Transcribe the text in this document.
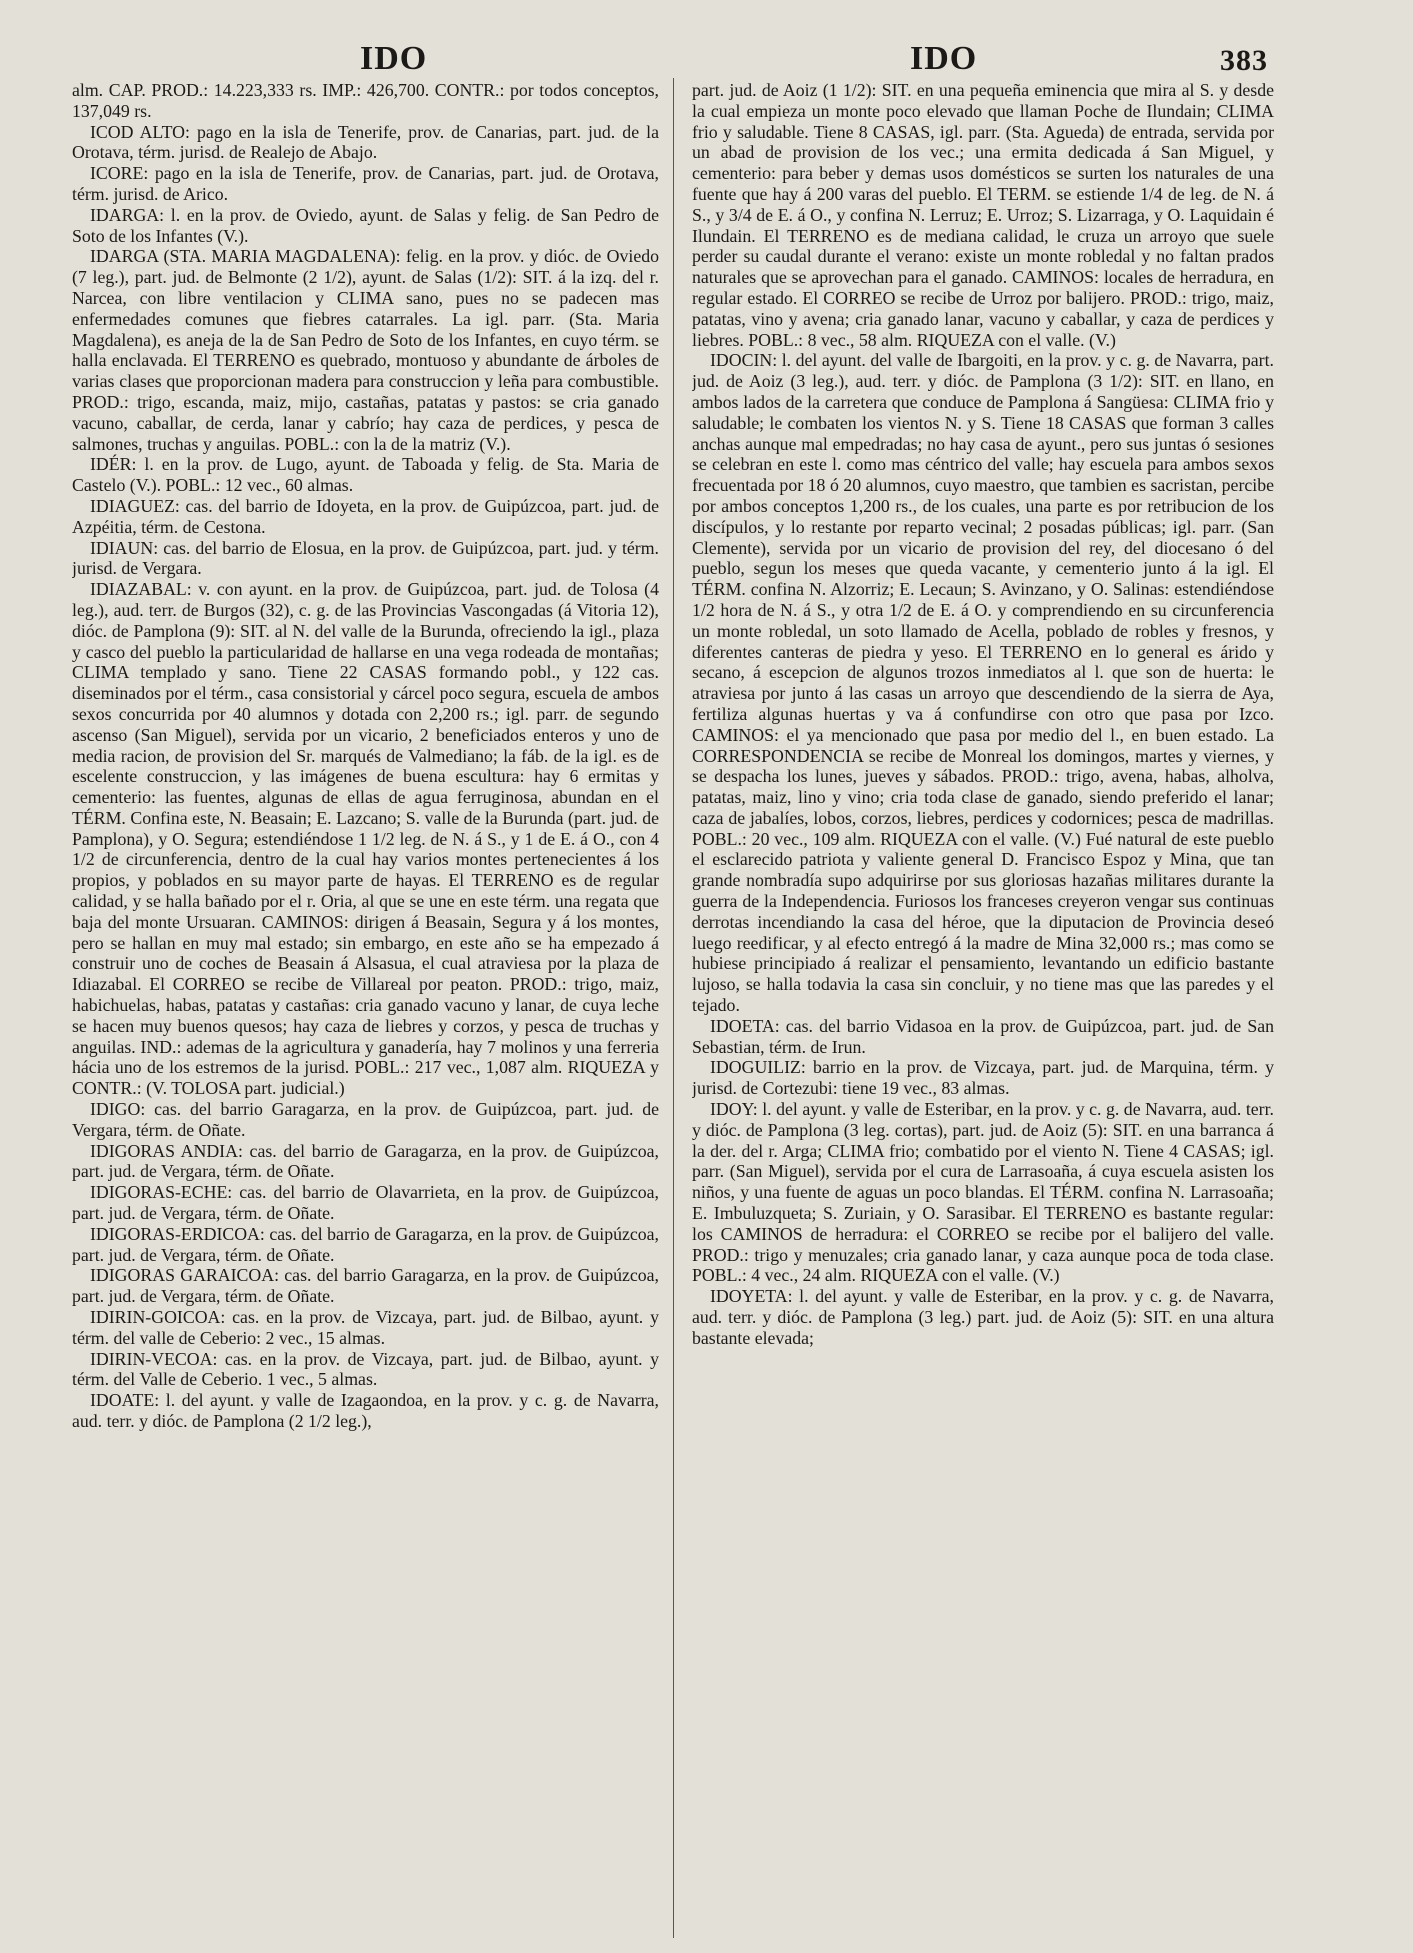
IDO	IDO	383

alm. CAP. PROD.: 14.223,333 rs. IMP.: 426,700. CONTR.: por todos conceptos, 137,049 rs.

ICOD ALTO: pago en la isla de Tenerife, prov. de Canarias, part. jud. de la Orotava, térm. jurisd. de Realejo de Abajo.

ICORE: pago en la isla de Tenerife, prov. de Canarias, part. jud. de Orotava, térm. jurisd. de Arico.

IDARGA: l. en la prov. de Oviedo, ayunt. de Salas y felig. de San Pedro de Soto de los Infantes (V.).

IDARGA (STA. MARIA MAGDALENA): felig. en la prov. y dióc. de Oviedo (7 leg.), part. jud. de Belmonte (2 1/2), ayunt. de Salas (1/2): SIT. á la izq. del r. Narcea, con libre ventilacion y CLIMA sano, pues no se padecen mas enfermedades comunes que fiebres catarrales. La igl. parr. (Sta. Maria Magdalena), es aneja de la de San Pedro de Soto de los Infantes, en cuyo térm. se halla enclavada. El TERRENO es quebrado, montuoso y abundante de árboles de varias clases que proporcionan madera para construccion y leña para combustible. PROD.: trigo, escanda, maiz, mijo, castañas, patatas y pastos: se cria ganado vacuno, caballar, de cerda, lanar y cabrío; hay caza de perdices, y pesca de salmones, truchas y anguilas. POBL.: con la de la matriz (V.).

IDÉR: l. en la prov. de Lugo, ayunt. de Taboada y felig. de Sta. Maria de Castelo (V.). POBL.: 12 vec., 60 almas.

IDIAGUEZ: cas. del barrio de Idoyeta, en la prov. de Guipúzcoa, part. jud. de Azpéitia, térm. de Cestona.

IDIAUN: cas. del barrio de Elosua, en la prov. de Guipúzcoa, part. jud. y térm. jurisd. de Vergara.

IDIAZABAL: v. con ayunt. en la prov. de Guipúzcoa, part. jud. de Tolosa (4 leg.), aud. terr. de Burgos (32), c. g. de las Provincias Vascongadas (á Vitoria 12), dióc. de Pamplona (9): SIT. al N. del valle de la Burunda, ofreciendo la igl., plaza y casco del pueblo la particularidad de hallarse en una vega rodeada de montañas; CLIMA templado y sano. Tiene 22 CASAS formando pobl., y 122 cas. diseminados por el térm., casa consistorial y cárcel poco segura, escuela de ambos sexos concurrida por 40 alumnos y dotada con 2,200 rs.; igl. parr. de segundo ascenso (San Miguel), servida por un vicario, 2 beneficiados enteros y uno de media racion, de provision del Sr. marqués de Valmediano; la fáb. de la igl. es de escelente construccion, y las imágenes de buena escultura: hay 6 ermitas y cementerio: las fuentes, algunas de ellas de agua ferruginosa, abundan en el TÉRM. Confina este, N. Beasain; E. Lazcano; S. valle de la Burunda (part. jud. de Pamplona), y O. Segura; estendiéndose 1 1/2 leg. de N. á S., y 1 de E. á O., con 4 1/2 de circunferencia, dentro de la cual hay varios montes pertenecientes á los propios, y poblados en su mayor parte de hayas. El TERRENO es de regular calidad, y se halla bañado por el r. Oria, al que se une en este térm. una regata que baja del monte Ursuaran. CAMINOS: dirigen á Beasain, Segura y á los montes, pero se hallan en muy mal estado; sin embargo, en este año se ha empezado á construir uno de coches de Beasain á Alsasua, el cual atraviesa por la plaza de Idiazabal. El CORREO se recibe de Villareal por peaton. PROD.: trigo, maiz, habichuelas, habas, patatas y castañas: cria ganado vacuno y lanar, de cuya leche se hacen muy buenos quesos; hay caza de liebres y corzos, y pesca de truchas y anguilas. IND.: ademas de la agricultura y ganadería, hay 7 molinos y una ferreria hácia uno de los estremos de la jurisd. POBL.: 217 vec., 1,087 alm. RIQUEZA y CONTR.: (V. TOLOSA part. judicial.)

IDIGO: cas. del barrio Garagarza, en la prov. de Guipúzcoa, part. jud. de Vergara, térm. de Oñate.

IDIGORAS ANDIA: cas. del barrio de Garagarza, en la prov. de Guipúzcoa, part. jud. de Vergara, térm. de Oñate.

IDIGORAS-ECHE: cas. del barrio de Olavarrieta, en la prov. de Guipúzcoa, part. jud. de Vergara, térm. de Oñate.

IDIGORAS-ERDICOA: cas. del barrio de Garagarza, en la prov. de Guipúzcoa, part. jud. de Vergara, térm. de Oñate.

IDIGORAS GARAICOA: cas. del barrio Garagarza, en la prov. de Guipúzcoa, part. jud. de Vergara, térm. de Oñate.

IDIRIN-GOICOA: cas. en la prov. de Vizcaya, part. jud. de Bilbao, ayunt. y térm. del valle de Ceberio: 2 vec., 15 almas.

IDIRIN-VECOA: cas. en la prov. de Vizcaya, part. jud. de Bilbao, ayunt. y térm. del Valle de Ceberio. 1 vec., 5 almas.

IDOATE: l. del ayunt. y valle de Izagaondoa, en la prov. y c. g. de Navarra, aud. terr. y dióc. de Pamplona (2 1/2 leg.),

part. jud. de Aoiz (1 1/2): SIT. en una pequeña eminencia que mira al S. y desde la cual empieza un monte poco elevado que llaman Poche de Ilundain; CLIMA frio y saludable. Tiene 8 CASAS, igl. parr. (Sta. Agueda) de entrada, servida por un abad de provision de los vec.; una ermita dedicada á San Miguel, y cementerio: para beber y demas usos domésticos se surten los naturales de una fuente que hay á 200 varas del pueblo. El TERM. se estiende 1/4 de leg. de N. á S., y 3/4 de E. á O., y confina N. Lerruz; E. Urroz; S. Lizarraga, y O. Laquidain é Ilundain. El TERRENO es de mediana calidad, le cruza un arroyo que suele perder su caudal durante el verano: existe un monte robledal y no faltan prados naturales que se aprovechan para el ganado. CAMINOS: locales de herradura, en regular estado. El CORREO se recibe de Urroz por balijero. PROD.: trigo, maiz, patatas, vino y avena; cria ganado lanar, vacuno y caballar, y caza de perdices y liebres. POBL.: 8 vec., 58 alm. RIQUEZA con el valle. (V.)

IDOCIN: l. del ayunt. del valle de Ibargoiti, en la prov. y c. g. de Navarra, part. jud. de Aoiz (3 leg.), aud. terr. y dióc. de Pamplona (3 1/2): SIT. en llano, en ambos lados de la carretera que conduce de Pamplona á Sangüesa: CLIMA frio y saludable; le combaten los vientos N. y S. Tiene 18 CASAS que forman 3 calles anchas aunque mal empedradas; no hay casa de ayunt., pero sus juntas ó sesiones se celebran en este l. como mas céntrico del valle; hay escuela para ambos sexos frecuentada por 18 ó 20 alumnos, cuyo maestro, que tambien es sacristan, percibe por ambos conceptos 1,200 rs., de los cuales, una parte es por retribucion de los discípulos, y lo restante por reparto vecinal; 2 posadas públicas; igl. parr. (San Clemente), servida por un vicario de provision del rey, del diocesano ó del pueblo, segun los meses que queda vacante, y cementerio junto á la igl. El TÉRM. confina N. Alzorriz; E. Lecaun; S. Avinzano, y O. Salinas: estendiéndose 1/2 hora de N. á S., y otra 1/2 de E. á O. y comprendiendo en su circunferencia un monte robledal, un soto llamado de Acella, poblado de robles y fresnos, y diferentes canteras de piedra y yeso. El TERRENO en lo general es árido y secano, á escepcion de algunos trozos inmediatos al l. que son de huerta: le atraviesa por junto á las casas un arroyo que descendiendo de la sierra de Aya, fertiliza algunas huertas y va á confundirse con otro que pasa por Izco. CAMINOS: el ya mencionado que pasa por medio del l., en buen estado. La CORRESPONDENCIA se recibe de Monreal los domingos, martes y viernes, y se despacha los lunes, jueves y sábados. PROD.: trigo, avena, habas, alholva, patatas, maiz, lino y vino; cria toda clase de ganado, siendo preferido el lanar; caza de jabalíes, lobos, corzos, liebres, perdices y codornices; pesca de madrillas. POBL.: 20 vec., 109 alm. RIQUEZA con el valle. (V.) Fué natural de este pueblo el esclarecido patriota y valiente general D. Francisco Espoz y Mina, que tan grande nombradía supo adquirirse por sus gloriosas hazañas militares durante la guerra de la Independencia. Furiosos los franceses creyeron vengar sus continuas derrotas incendiando la casa del héroe, que la diputacion de Provincia deseó luego reedificar, y al efecto entregó á la madre de Mina 32,000 rs.; mas como se hubiese principiado á realizar el pensamiento, levantando un edificio bastante lujoso, se halla todavia la casa sin concluir, y no tiene mas que las paredes y el tejado.

IDOETA: cas. del barrio Vidasoa en la prov. de Guipúzcoa, part. jud. de San Sebastian, térm. de Irun.

IDOGUILIZ: barrio en la prov. de Vizcaya, part. jud. de Marquina, térm. y jurisd. de Cortezubi: tiene 19 vec., 83 almas.

IDOY: l. del ayunt. y valle de Esteribar, en la prov. y c. g. de Navarra, aud. terr. y dióc. de Pamplona (3 leg. cortas), part. jud. de Aoiz (5): SIT. en una barranca á la der. del r. Arga; CLIMA frio; combatido por el viento N. Tiene 4 CASAS; igl. parr. (San Miguel), servida por el cura de Larrasoaña, á cuya escuela asisten los niños, y una fuente de aguas un poco blandas. El TÉRM. confina N. Larrasoaña; E. Imbuluzqueta; S. Zuriain, y O. Sarasibar. El TERRENO es bastante regular: los CAMINOS de herradura: el CORREO se recibe por el balijero del valle. PROD.: trigo y menuzales; cria ganado lanar, y caza aunque poca de toda clase. POBL.: 4 vec., 24 alm. RIQUEZA con el valle. (V.)

IDOYETA: l. del ayunt. y valle de Esteribar, en la prov. y c. g. de Navarra, aud. terr. y dióc. de Pamplona (3 leg.) part. jud. de Aoiz (5): SIT. en una altura bastante elevada;
